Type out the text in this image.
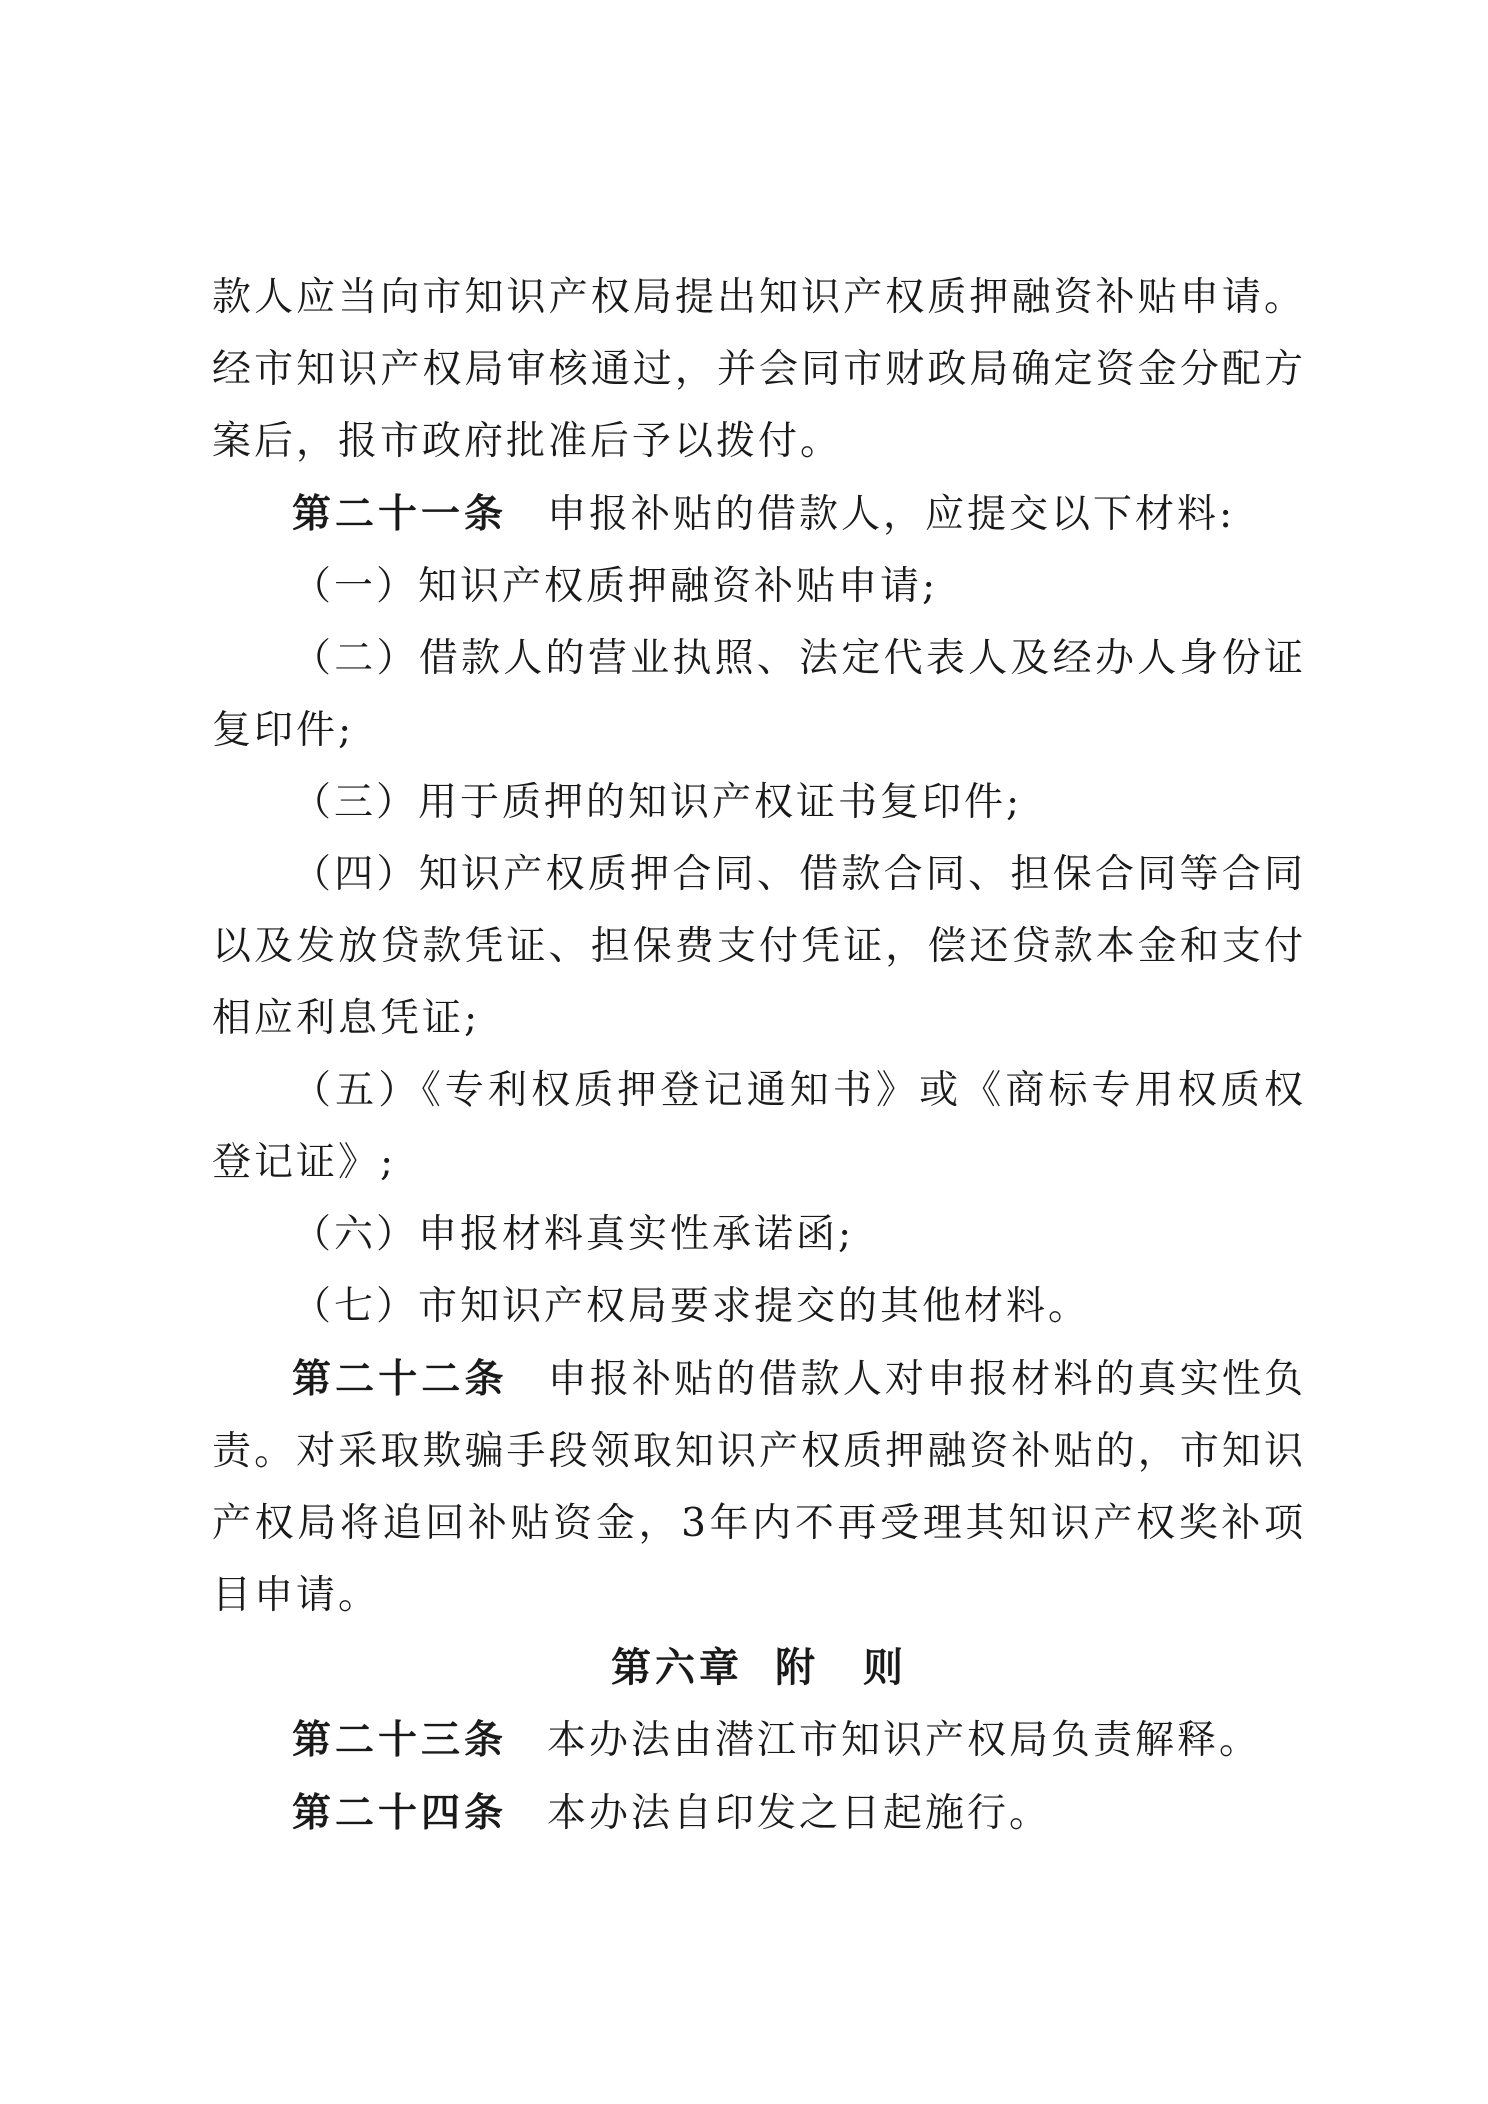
款人应当向市知识产权局提出知识产权质押融资补贴申请。经市知识产权局审核通过，并会同市财政局确定资金分配方案后，报市政府批准后予以拨付。

第二十一条 申报补贴的借款人，应提交以下材料:

（一）知识产权质押融资补贴申请;

（二）借款人的营业执照、法定代表人及经办人身份证复印件;

（三）用于质押的知识产权证书复印件;

（四）知识产权质押合同、借款合同、担保合同等合同以及发放贷款凭证、担保费支付凭证，偿还贷款本金和支付相应利息凭证;

（五）《专利权质押登记通知书》或《商标专用权质权登记证》;

（六）申报材料真实性承诺函;

（七）市知识产权局要求提交的其他材料。

第二十二条 申报补贴的借款人对申报材料的真实性负责。对采取欺骗手段领取知识产权质押融资补贴的，市知识产权局将追回补贴资金，3年内不再受理其知识产权奖补项目申请。

第六章 附　则

第二十三条 本办法由潜江市知识产权局负责解释。

第二十四条 本办法自印发之日起施行。
